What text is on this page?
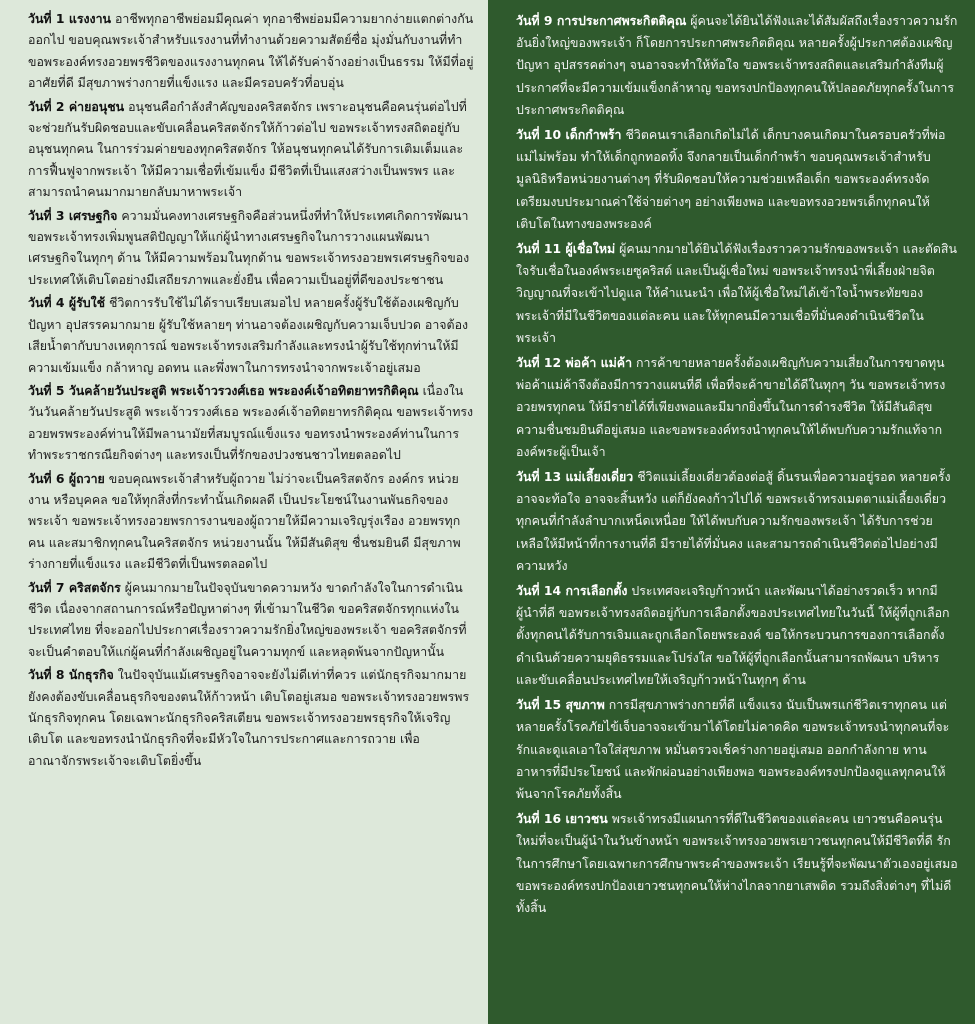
วันที่ 1 แรงงาน อาชีพทุกอาชีพย่อมมีคุณค่า ทุกอาชีพย่อมมีความยากง่ายแตกต่างกันออกไป ขอบคุณพระเจ้าสำหรับแรงงานที่ทำงานด้วยความสัตย์ซื่อ มุ่งมั่นกับงานที่ทำ ขอพระองค์ทรงอวยพรชีวิตของแรงงานทุกคน ให้ได้รับค่าจ้างอย่างเป็นธรรม ให้มีที่อยู่อาศัยที่ดี มีสุขภาพร่างกายที่แข็งแรง และมีครอบครัวที่อบอุ่น

วันที่ 2 ค่ายอนุชน อนุชนคือกำลังสำคัญของคริสตจักร เพราะอนุชนคือคนรุ่นต่อไปที่จะช่วยกันรับผิดชอบและขับเคลื่อนคริสตจักรให้ก้าวต่อไป ขอพระเจ้าทรงสถิตอยู่กับอนุชนทุกคน ในการร่วมค่ายของทุกคริสตจักร ให้อนุชนทุกคนได้รับการเติมเต็มและการฟื้นฟูจากพระเจ้า ให้มีความเชื่อที่เข้มแข็ง มีชีวิตที่เป็นแสงสว่างเป็นพรพร และสามารถนำคนมากมายกลับมาหาพระเจ้า

วันที่ 3 เศรษฐกิจ ความมั่นคงทางเศรษฐกิจคือส่วนหนึ่งที่ทำให้ประเทศเกิดการพัฒนา ขอพระเจ้าทรงเพิ่มพูนสติปัญญาให้แก่ผู้นำทางเศรษฐกิจในการวางแผนพัฒนาเศรษฐกิจในทุกๆ ด้าน ให้มีความพร้อมในทุกด้าน ขอพระเจ้าทรงอวยพรเศรษฐกิจของประเทศให้เติบโตอย่างมีเสถียรภาพและยั่งยืน เพื่อความเป็นอยู่ที่ดีของประชาชน

วันที่ 4 ผู้รับใช้ ชีวิตการรับใช้ไม่ได้ราบเรียบเสมอไป หลายครั้งผู้รับใช้ต้องเผชิญกับปัญหา อุปสรรคมากมาย ผู้รับใช้หลายๆ ท่านอาจต้องเผชิญกับความเจ็บปวด อาจต้องเสียน้ำตากับบางเหตุการณ์ ขอพระเจ้าทรงเสริมกำลังและทรงนำผู้รับใช้ทุกท่านให้มีความเข้มแข็ง กล้าหาญ อดทน และพึ่งพาในการทรงนำจากพระเจ้าอยู่เสมอ

วันที่ 5 วันคล้ายวันประสูติ พระเจ้าวรวงศ์เธอ พระองค์เจ้าอทิตยาทรกิติคุณ เนื่องในวันวันคล้ายวันประสูติ พระเจ้าวรวงศ์เธอ พระองค์เจ้าอทิตยาทรกิติคุณ ขอพระเจ้าทรงอวยพรพระองค์ท่านให้มีพลานามัยที่สมบูรณ์แข็งแรง ขอทรงนำพระองค์ท่านในการทำพระราชกรณียกิจต่างๆ และทรงเป็นที่รักของปวงชนชาวไทยตลอดไป

วันที่ 6 ผู้ถวาย ขอบคุณพระเจ้าสำหรับผู้ถวาย ไม่ว่าจะเป็นคริสตจักร องค์กร หน่วยงาน หรือบุคคล ขอให้ทุกสิ่งที่กระทำนั้นเกิดผลดี เป็นประโยชน์ในงานพันธกิจของพระเจ้า ขอพระเจ้าทรงอวยพรการงานของผู้ถวายให้มีความเจริญรุ่งเรือง อวยพรทุกคน และสมาชิกทุกคนในคริสตจักร หน่วยงานนั้น ให้มีสันติสุข ชื่นชมยินดี มีสุขภาพร่างกายที่แข็งแรง และมีชีวิตที่เป็นพรตลอดไป

วันที่ 7 คริสตจักร ผู้คนมากมายในปัจจุบันขาดความหวัง ขาดกำลังใจในการดำเนินชีวิต เนื่องจากสถานการณ์หรือปัญหาต่างๆ ที่เข้ามาในชีวิต ขอคริสตจักรทุกแห่งในประเทศไทย ที่จะออกไปประกาศเรื่องราวความรักยิ่งใหญ่ของพระเจ้า ขอคริสตจักรที่จะเป็นคำตอบให้แก่ผู้คนที่กำลังเผชิญอยู่ในความทุกข์ และหลุดพ้นจากปัญหานั้น

วันที่ 8 นักธุรกิจ ในปัจจุบันแม้เศรษฐกิจอาจจะยังไม่ดีเท่าที่ควร แต่นักธุรกิจมากมายยังคงต้องขับเคลื่อนธุรกิจของตนให้ก้าวหน้า เติบโตอยู่เสมอ ขอพระเจ้าทรงอวยพรพรนักธุรกิจทุกคน โดยเฉพาะนักธุรกิจคริสเตียน ขอพระเจ้าทรงอวยพรธุรกิจให้เจริญเติบโต และขอทรงนำนักธุรกิจที่จะมีหัวใจในการประกาศและการถวาย เพื่ออาณาจักรพระเจ้าจะเติบโตยิ่งขึ้น

วันที่ 9 การประกาศพระกิตติคุณ ผู้คนจะได้ยินได้ฟังและได้สัมผัสถึงเรื่องราวความรักอันยิ่งใหญ่ของพระเจ้า ก็โดยการประกาศพระกิตติคุณ หลายครั้งผู้ประกาศต้องเผชิญปัญหา อุปสรรคต่างๆ จนอาจจะทำให้ท้อใจ ขอพระเจ้าทรงสถิตและเสริมกำลังทีมผู้ประกาศที่จะมีความเข้มแข็งกล้าหาญ ขอทรงปกป้องทุกคนให้ปลอดภัยทุกครั้งในการประกาศพระกิตติคุณ

วันที่ 10 เด็กกำพร้า ชีวิตคนเราเลือกเกิดไม่ได้ เด็กบางคนเกิดมาในครอบครัวที่พ่อแม่ไม่พร้อม ทำให้เด็กถูกทอดทิ้ง จึงกลายเป็นเด็กกำพร้า ขอบคุณพระเจ้าสำหรับมูลนิธิหรือหน่วยงานต่างๆ ที่รับผิดชอบให้ความช่วยเหลือเด็ก ขอพระองค์ทรงจัดเตรียมงบประมาณค่าใช้จ่ายต่างๆ อย่างเพียงพอ และขอทรงอวยพรเด็กทุกคนให้เติบโตในทางของพระองค์

วันที่ 11 ผู้เชื่อใหม่ ผู้คนมากมายได้ยินได้ฟังเรื่องราวความรักของพระเจ้า และตัดสินใจรับเชื่อในองค์พระเยซูคริสต์ และเป็นผู้เชื่อใหม่ ขอพระเจ้าทรงนำพี่เลี้ยงฝ่ายจิตวิญญาณที่จะเข้าไปดูแล ให้คำแนะนำ เพื่อให้ผู้เชื่อใหม่ได้เข้าใจน้ำพระทัยของพระเจ้าที่มีในชีวิตของแต่ละคน และให้ทุกคนมีความเชื่อที่มั่นคงดำเนินชีวิตในพระเจ้า

วันที่ 12 พ่อค้า แม่ค้า การค้าขายหลายครั้งต้องเผชิญกับความเสี่ยงในการขาดทุน พ่อค้าแม่ค้าจึงต้องมีการวางแผนที่ดี เพื่อที่จะค้าขายได้ดีในทุกๆ วัน ขอพระเจ้าทรงอวยพรทุกคน ให้มีรายได้ที่เพียงพอและมีมากยิ่งขึ้นในการดำรงชีวิต ให้มีสันติสุข ความชื่นชมยินดีอยู่เสมอ และขอพระองค์ทรงนำทุกคนให้ได้พบกับความรักแท้จากองค์พระผู้เป็นเจ้า

วันที่ 13 แม่เลี้ยงเดี่ยว ชีวิตแม่เลี้ยงเดี่ยวต้องต่อสู้ ดิ้นรนเพื่อความอยู่รอด หลายครั้งอาจจะท้อใจ อาจจะสิ้นหวัง แต่ก็ยังคงก้าวไปได้ ขอพระเจ้าทรงเมตตาแม่เลี้ยงเดี่ยวทุกคนที่กำลังลำบากเหน็ดเหนื่อย ให้ได้พบกับความรักของพระเจ้า ได้รับการช่วยเหลือให้มีหน้าที่การงานที่ดี มีรายได้ที่มั่นคง และสามารถดำเนินชีวิตต่อไปอย่างมีความหวัง

วันที่ 14 การเลือกตั้ง ประเทศจะเจริญก้าวหน้า และพัฒนาได้อย่างรวดเร็ว หากมีผู้นำที่ดี ขอพระเจ้าทรงสถิตอยู่กับการเลือกตั้งของประเทศไทยในวันนี้ ให้ผู้ที่ถูกเลือกตั้งทุกคนได้รับการเจิมและถูกเลือกโดยพระองค์ ขอให้กระบวนการของการเลือกตั้งดำเนินด้วยความยุติธรรมและโปร่งใส ขอให้ผู้ที่ถูกเลือกนั้นสามารถพัฒนา บริหาร และขับเคลื่อนประเทศไทยให้เจริญก้าวหน้าในทุกๆ ด้าน

วันที่ 15 สุขภาพ การมีสุขภาพร่างกายที่ดี แข็งแรง นับเป็นพรแก่ชีวิตเราทุกคน แต่หลายครั้งโรคภัยไข้เจ็บอาจจะเข้ามาได้โดยไม่คาดคิด ขอพระเจ้าทรงนำทุกคนที่จะรักและดูแลเอาใจใส่สุขภาพ หมั่นตรวจเช็คร่างกายอยู่เสมอ ออกกำลังกาย ทานอาหารที่มีประโยชน์ และพักผ่อนอย่างเพียงพอ ขอพระองค์ทรงปกป้องดูแลทุกคนให้พ้นจากโรคภัยทั้งสิ้น

วันที่ 16 เยาวชน พระเจ้าทรงมีแผนการที่ดีในชีวิตของแต่ละคน เยาวชนคือคนรุ่นใหม่ที่จะเป็นผู้นำในวันข้างหน้า ขอพระเจ้าทรงอวยพรเยาวชนทุกคนให้มีชีวิตที่ดี รักในการศึกษาโดยเฉพาะการศึกษาพระคำของพระเจ้า เรียนรู้ที่จะพัฒนาตัวเองอยู่เสมอ ขอพระองค์ทรงปกป้องเยาวชนทุกคนให้ห่างไกลจากยาเสพติด รวมถึงสิ่งต่างๆ ที่ไม่ดีทั้งสิ้น
